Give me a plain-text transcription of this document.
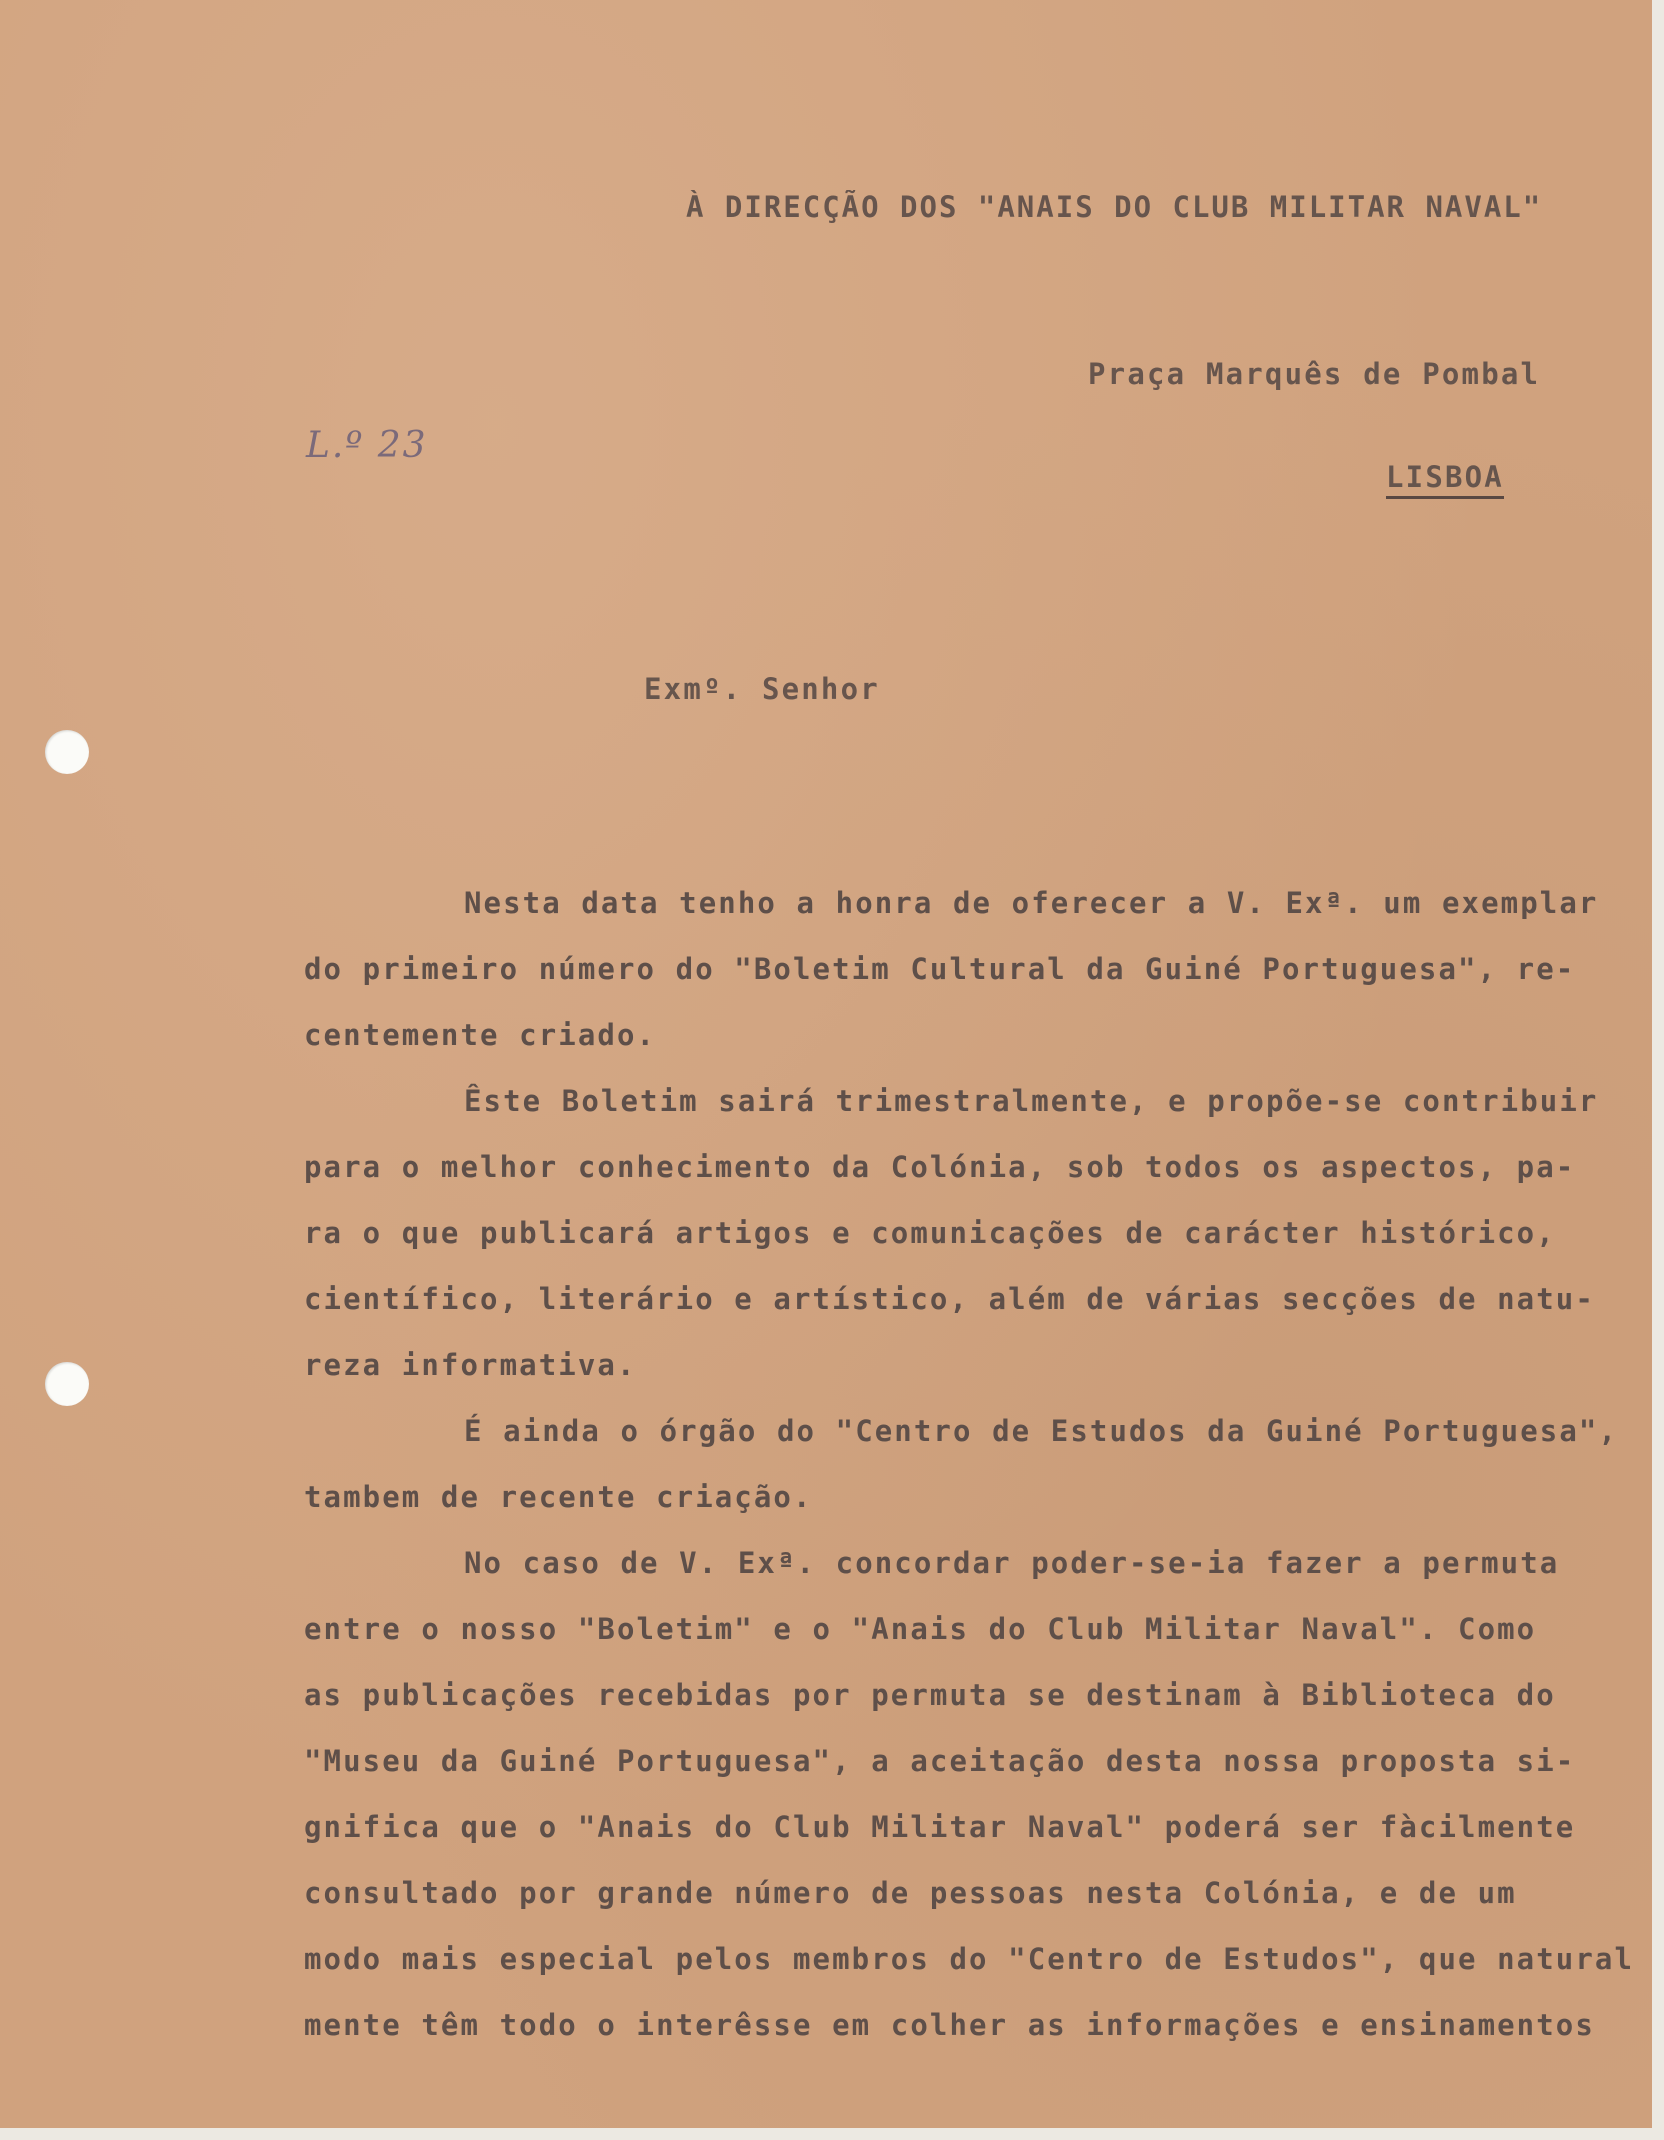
À DIRECÇÃO DOS "ANAIS DO CLUB MILITAR NAVAL"
Praça Marquês de Pombal
L.º 23
LISBOA
Exmº. Senhor
Nesta data tenho a honra de oferecer a V. Exª. um exemplar
do primeiro número do "Boletim Cultural da Guiné Portuguesa", re-
centemente criado.
Êste Boletim sairá trimestralmente, e propõe-se contribuir
para o melhor conhecimento da Colónia, sob todos os aspectos, pa-
ra o que publicará artigos e comunicações de carácter histórico,
científico, literário e artístico, além de várias secções de natu-
reza informativa.
É ainda o órgão do "Centro de Estudos da Guiné Portuguesa",
tambem de recente criação.
No caso de V. Exª. concordar poder-se-ia fazer a permuta
entre o nosso "Boletim" e o "Anais do Club Militar Naval". Como
as publicações recebidas por permuta se destinam à Biblioteca do
"Museu da Guiné Portuguesa", a aceitação desta nossa proposta si-
gnifica que o "Anais do Club Militar Naval" poderá ser fàcilmente
consultado por grande número de pessoas nesta Colónia, e de um
modo mais especial pelos membros do "Centro de Estudos", que natural
mente têm todo o interêsse em colher as informações e ensinamentos
